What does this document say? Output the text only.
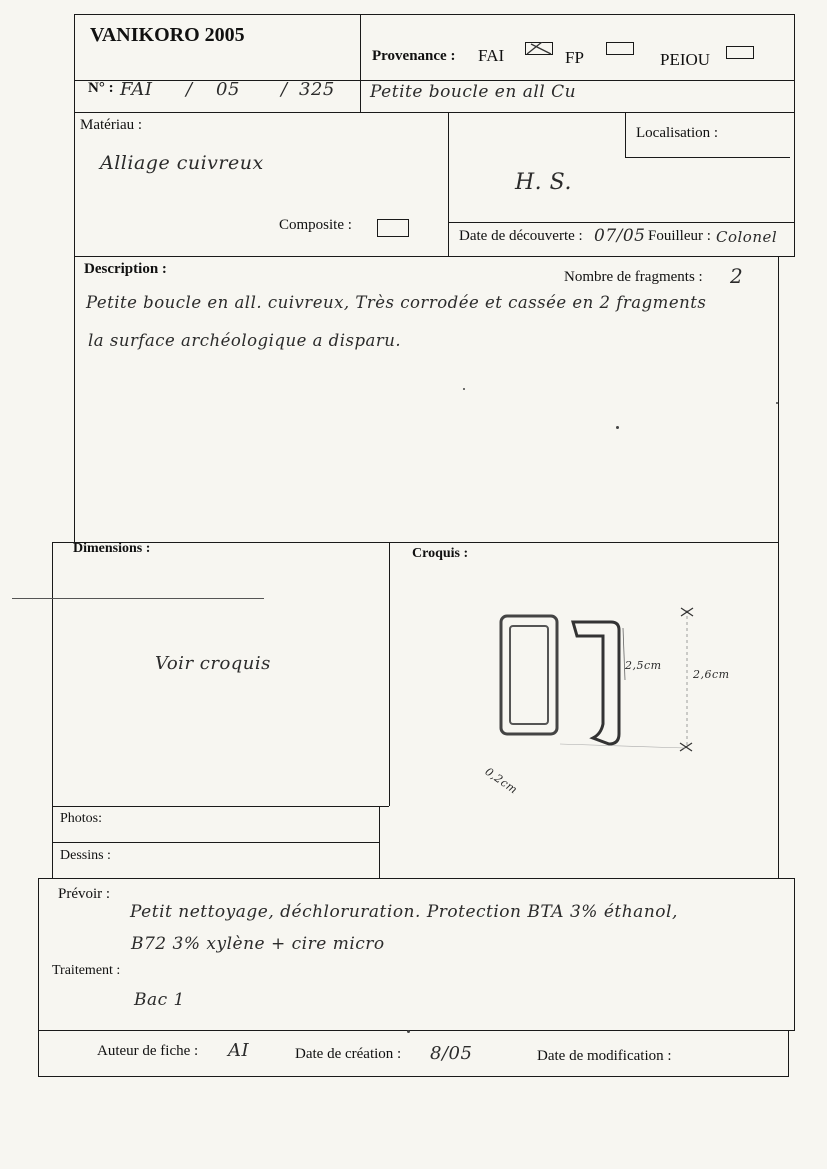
VANIKORO 2005
Provenance : FAI	FP	PEIOU
N° : FAI / 05 / 325 Petite boucle en all Cu
Matériau :
Alliage cuivreux
Composite :
Localisation :
H. S.
Date de découverte : 07/05 Fouilleur : Colonel
Description :	Nombre de fragments : 2
Petite boucle en all. cuivreux, Très corrodée et cassée en 2 fragments
la surface archéologique a disparu.
Dimensions :
Voir croquis
Croquis :
2,5cm
2,6cm
0,2cm
Photos:
Dessins :
Prévoir :
Petit nettoyage, déchloruration. Protection BTA 3% éthanol,
B72 3% xylène + cire micro
Traitement :
Bac 1
Auteur de fiche : AI	Date de création : 8/05	Date de modification :
